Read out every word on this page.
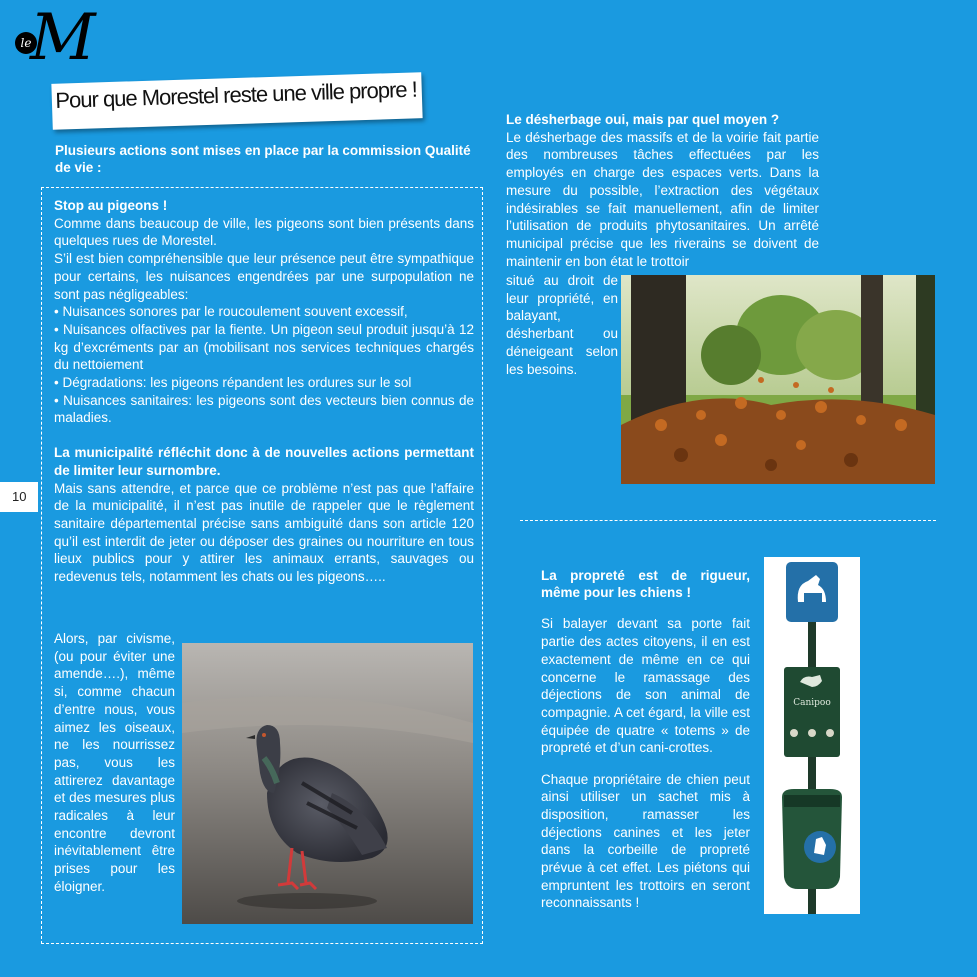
le
M
Pour que Morestel reste une ville propre !
Plusieurs actions sont mises en place par la commission Qualité de vie :
10

Stop au pigeons !

Comme dans beaucoup de ville, les pigeons sont bien présents dans quelques rues de Morestel.

S’il est bien compréhensible que leur présence peut être sympathique pour certains, les nuisances engendrées par une surpopulation ne sont pas négligeables:

• Nuisances sonores par le roucoulement souvent excessif,

• Nuisances olfactives par la fiente. Un pigeon seul produit jusqu’à 12 kg d’excréments par an (mobilisant nos services techniques chargés du nettoiement

• Dégradations: les pigeons répandent les ordures sur le sol

• Nuisances sanitaires: les pigeons sont des vecteurs bien connus de maladies.

La municipalité réfléchit donc à de nouvelles actions permettant de limiter leur surnombre.

Mais sans attendre, et parce que ce problème n’est pas que l’affaire de la municipalité, il n’est pas inutile de rappeler que le règlement sanitaire départemental précise sans ambiguité dans son article 120 qu’il est interdit de jeter ou déposer des graines ou nourriture en tous lieux publics pour y attirer les animaux errants, sauvages ou redevenus tels, notamment les chats ou les pigeons…..

Alors, par civisme, (ou pour éviter une amende….), même si, comme chacun d’entre nous, vous aimez les oiseaux, ne les nourrissez pas, vous les attirerez davantage et des mesures plus radicales à leur encontre devront inévitablement être prises pour les éloigner.

Le désherbage oui, mais par quel moyen ?

Le désherbage des massifs et de la voirie fait partie des nombreuses tâches effectuées par les employés en charge des espaces verts. Dans la mesure du possible, l’extraction des végétaux indésirables se fait manuellement, afin de limiter l’utilisation de produits phytosanitaires. Un arrêté municipal précise que les riverains se doivent de maintenir en bon état le trottoir

situé au droit de leur propriété, en balayant, désherbant ou déneigeant selon les besoins.

La propreté est de rigueur, même pour les chiens !

Si balayer devant sa porte fait partie des actes citoyens, il en est exactement de même en ce qui concerne le ramassage des déjections de son animal de compagnie. A cet égard, la ville est équipée de quatre « totems » de propreté et d’un cani-crottes.

Chaque propriétaire de chien peut ainsi utiliser un sachet mis à disposition, ramasser les déjections canines et les jeter dans la corbeille de propreté prévue à cet effet. Les piétons qui empruntent les trottoirs en seront reconnaissants !

Canipoo
